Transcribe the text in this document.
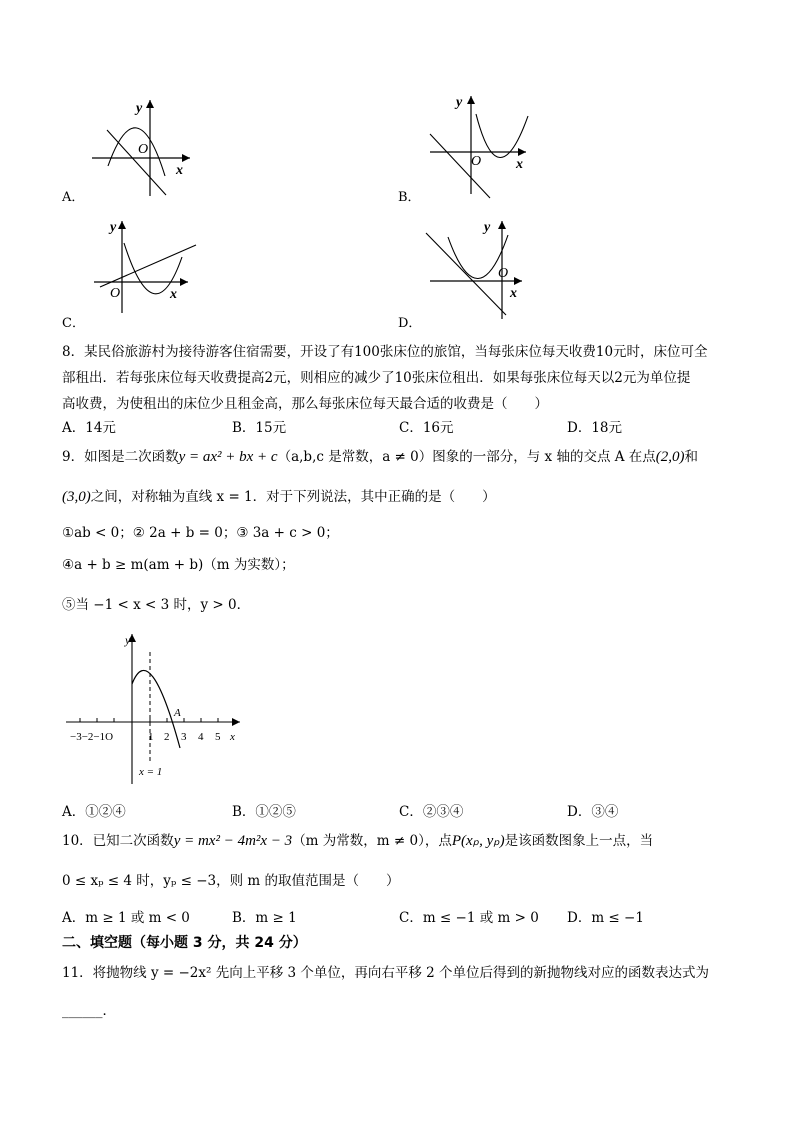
y
O
x
A．
y
O x
B．
y
O	x
C．
y
O
x
D．
8．某民俗旅游村为接待游客住宿需要，开设了有100张床位的旅馆，当每张床位每天收费10元时，床位可全
部租出．若每张床位每天收费提高2元，则相应的减少了10张床位租出．如果每张床位每天以2元为单位提
高收费，为使租出的床位少且租金高，那么每张床位每天最合适的收费是（　　）
A．14元	B．15元	C．16元	D．18元
9．如图是二次函数y = ax² + bx + c（a,b,c 是常数，a ≠ 0）图象的一部分，与 x 轴的交点 A 在点(2,0)和
(3,0)之间，对称轴为直线 x = 1．对于下列说法，其中正确的是（　　）
①ab < 0；② 2a + b = 0；③ 3a + c > 0；
④a + b ≥ m(am + b)（m 为实数）；
⑤当 −1 < x < 3 时，y > 0．
y
A
−3−2−1O	1 2 3 4 5 x
x = 1
A．①②④	B．①②⑤	C．②③④	D．③④
10．已知二次函数y = mx² − 4m²x − 3（m 为常数，m ≠ 0），点P(xₚ, yₚ)是该函数图象上一点，当
0 ≤ xₚ ≤ 4 时，yₚ ≤ −3，则 m 的取值范围是（　　）
A．m ≥ 1 或 m < 0	B．m ≥ 1	C．m ≤ −1 或 m > 0 D．m ≤ −1
二、填空题（每小题 3 分，共 24 分）
11．将抛物线 y = −2x² 先向上平移 3 个单位，再向右平移 2 个单位后得到的新抛物线对应的函数表达式为
______．
